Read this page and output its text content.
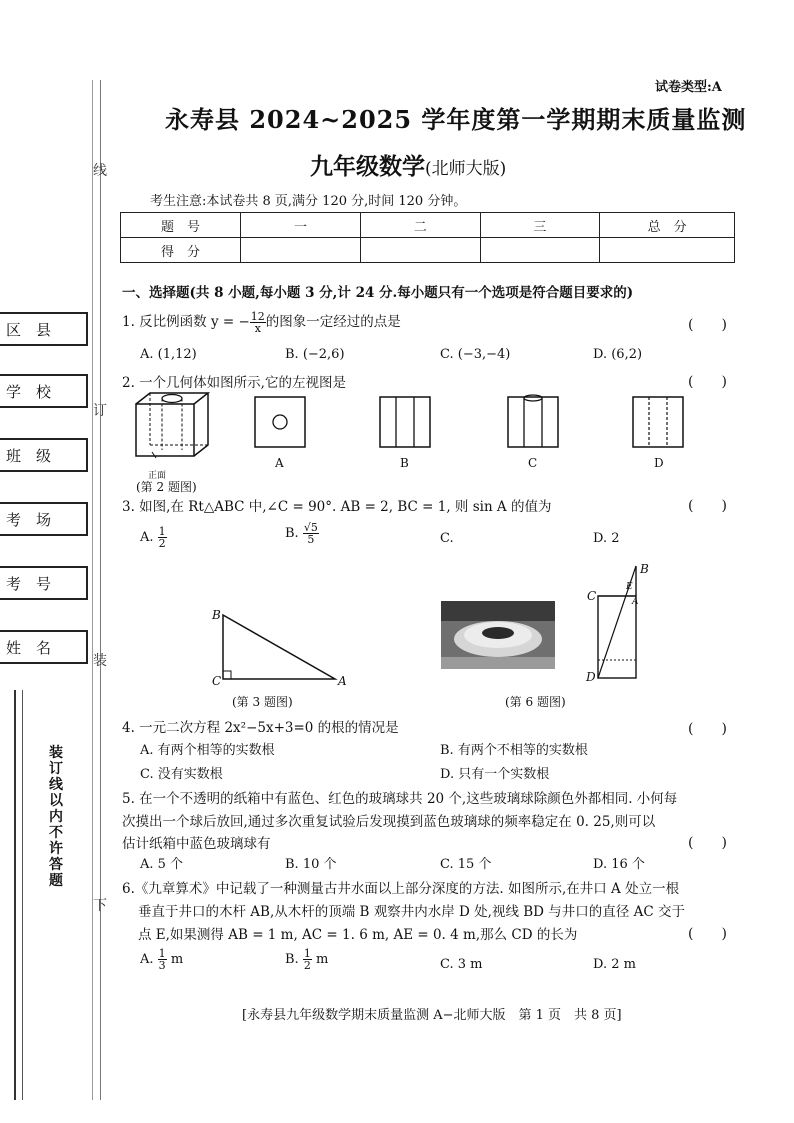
区　县
学　校
班　级
考　场
考　号
姓　名
线
订
装
下
装订线以内不许答题
试卷类型:A
永寿县 2024~2025 学年度第一学期期末质量监测
九年级数学(北师大版)
考生注意:本试卷共 8 页,满分 120 分,时间 120 分钟。
题　号	一	二	三	总　分
得　分				
一、选择题(共 8 小题,每小题 3 分,计 24 分.每小题只有一个选项是符合题目要求的)
1. 反比例函数 y = − $\frac{12}{x}$ 的图象一定经过的点是	(　　)
A. (1,12)	B. (−2,6)	C. (−3,−4)	D. (6,2)
2. 一个几何体如图所示,它的左视图是	(　　)
正面
(第 2 题图)
A	B	C	D
3. 如图,在 Rt△ABC 中,∠C = 90°. AB = 2, BC = 1, 则 sin A 的值为	(　　)
A. $\frac{1}{2}$	B. $\frac{√5}{5}$	C.	D. 2
B
C	A
(第 3 题图)	(第 6 题图)
B
C
E
D
A
4. 一元二次方程 2x²−5x+3=0 的根的情况是	(　　)
A. 有两个相等的实数根	B. 有两个不相等的实数根
C. 没有实数根	D. 只有一个实数根
5. 在一个不透明的纸箱中有蓝色、红色的玻璃球共 20 个,这些玻璃球除颜色外都相同. 小何每
次摸出一个球后放回,通过多次重复试验后发现摸到蓝色玻璃球的频率稳定在 0. 25,则可以
估计纸箱中蓝色玻璃球有	(　　)
A. 5 个	B. 10 个	C. 15 个	D. 16 个
6.《九章算术》中记载了一种测量古井水面以上部分深度的方法. 如图所示,在井口 A 处立一根
垂直于井口的木杆 AB,从木杆的顶端 B 观察井内水岸 D 处,视线 BD 与井口的直径 AC 交于
点 E,如果测得 AB = 1 m, AC = 1. 6 m, AE = 0. 4 m,那么 CD 的长为	(　　)
A. $\frac{1}{3}$ m	B. $\frac{1}{2}$ m	C. 3 m	D. 2 m
[永寿县九年级数学期末质量监测 A−北师大版　第 1 页　共 8 页]
